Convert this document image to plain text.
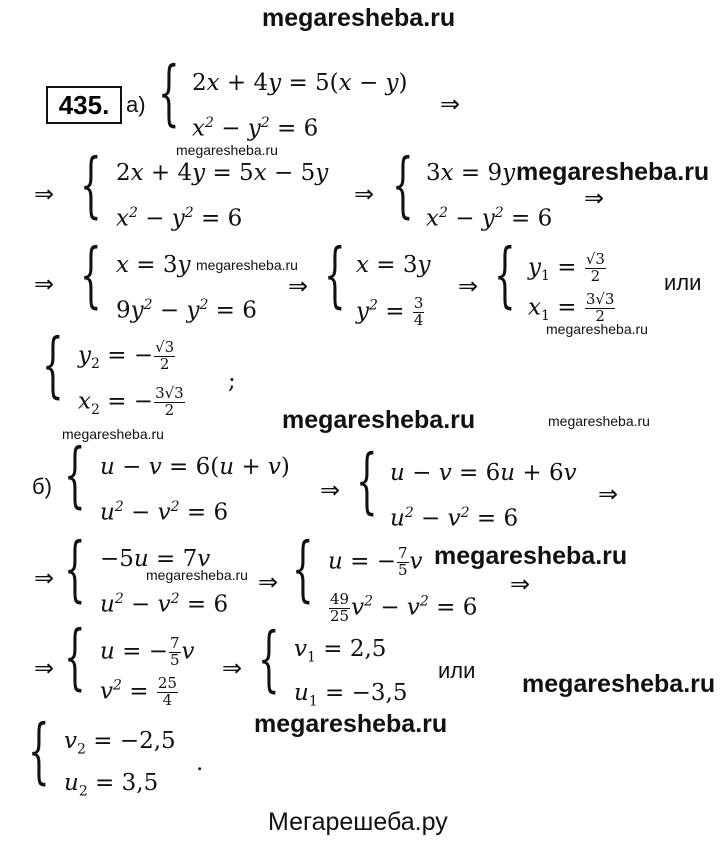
megaresheba.ru
435. а) { 2x + 4y = 5(x − y)
$x^2 - y^2 = 6$
⇒
megaresheba.ru
⇒ { 2x + 4y = 5x − 5y
$x^2 - y^2 = 6$
⇒ { 3x = 9y
$x^2 - y^2 = 6$
megaresheba.ru
⇒
⇒ { x = 3y megaresheba.ru
$9y^2 - y^2 = 6$
⇒ { x = 3y
$y^2 = \frac{3}{4}$
⇒ { $y_1 = \frac{√3}{2}$
$x_1 = \frac{3√3}{2}$
или
megaresheba.ru
{ $y_2$ = − $\frac{√3}{2}$
$x_2$ = − $\frac{3√3}{2}$
;
megaresheba.ru	megaresheba.ru
megaresheba.ru
б) { u − v = 6(u + v)
$u^2 - v^2 = 6$
⇒ { u − v = 6u + 6v
$u^2 - v^2 = 6$
⇒
⇒ { −5u = 7v
megaresheba.ru
$u^2 - v^2 = 6$
⇒ { u = − $\frac{7}{5}$ v megaresheba.ru
$\frac{49}{25} v^2 - v^2 = 6$
⇒
⇒ { u = − $\frac{7}{5}$ v
$v^2 = \frac{25}{4}$
⇒ { $v_1 = 2,5$
$u_1 = -3,5$
или megaresheba.ru
megaresheba.ru
{ $v_2 = -2,5$
$u_2 = 3,5$
.
Мегарешеба.ру
